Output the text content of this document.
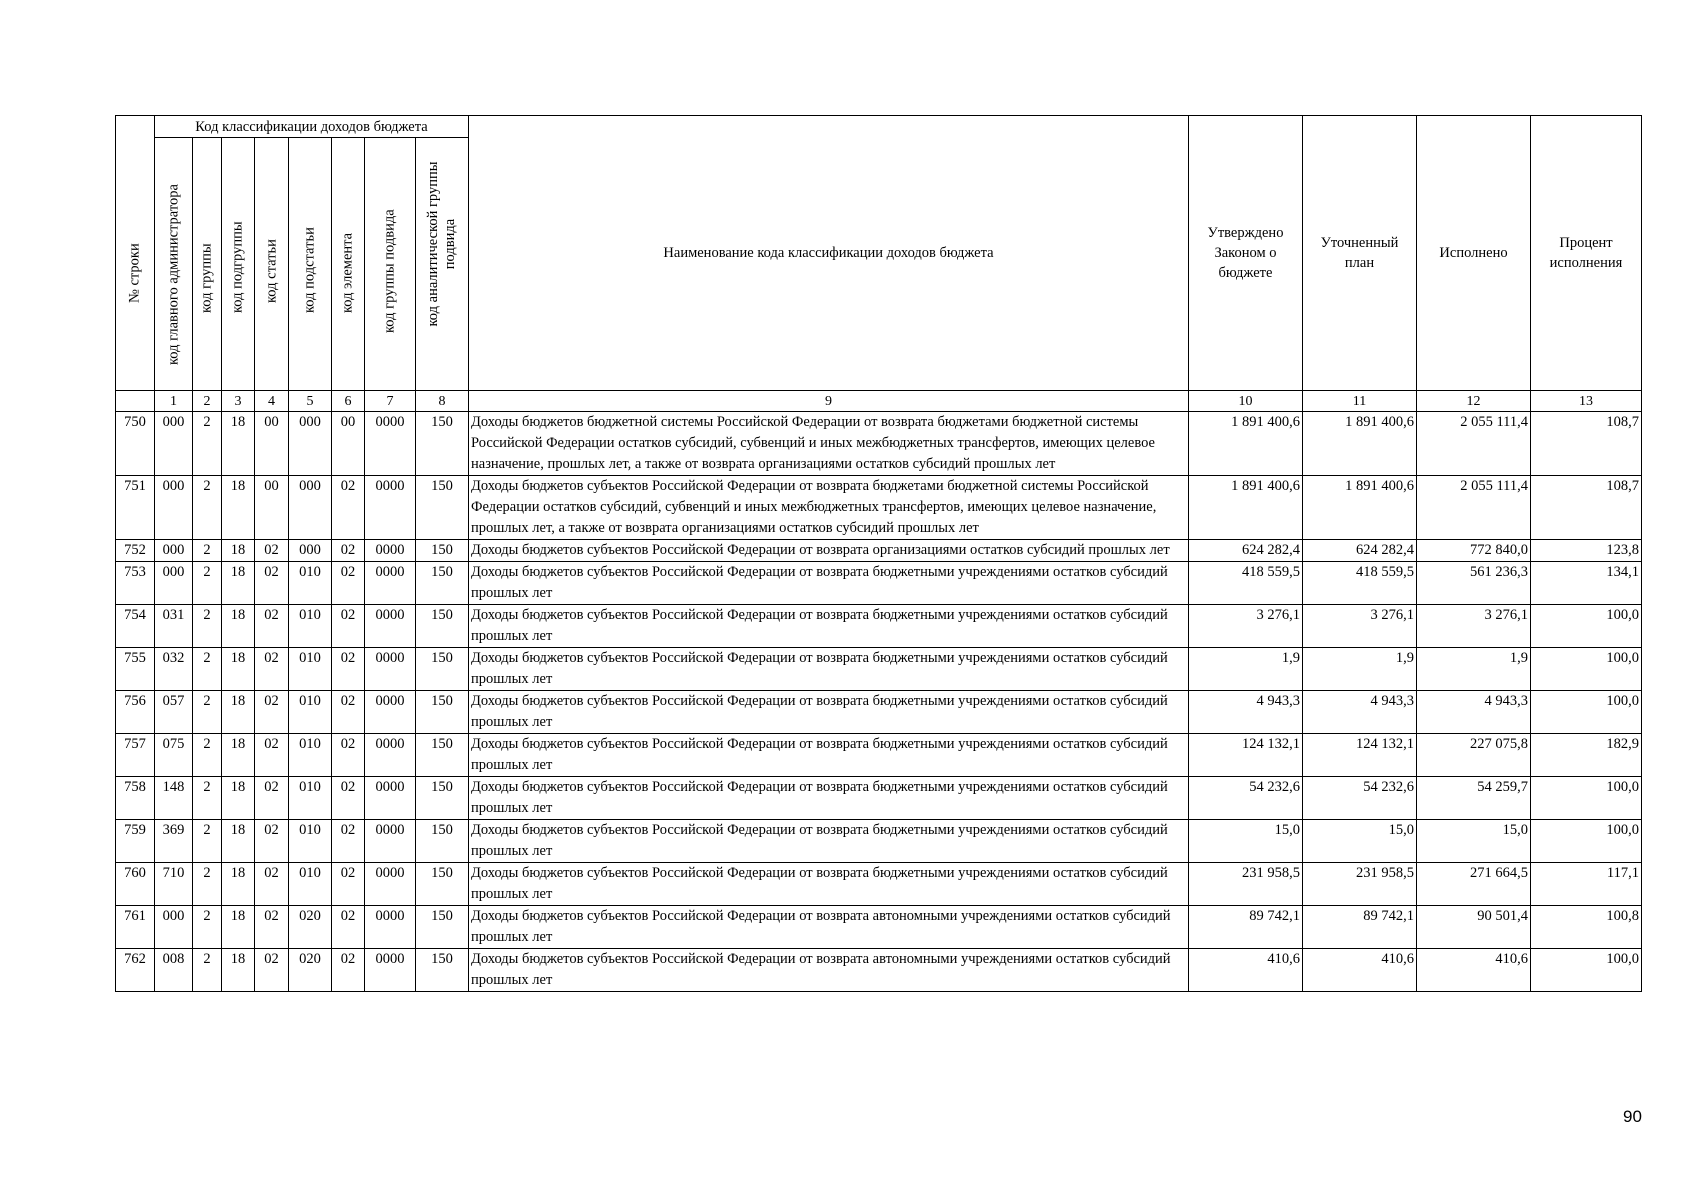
№ строки	Код классификации доходов бюджета								Наименование кода классификации доходов бюджета	Утверждено Законом о бюджете	Уточненный план	Исполнено	Процент исполнения

	код главного администратора	код группы	код подгруппы	код статьи	код подстатьи	код элемента	код группы подвида	код аналитической группы подвида					

	1	2	3	4	5	6	7	8	9	10	11	12	13
750	000	2	18	00	000	00	0000	150	Доходы бюджетов бюджетной системы Российской Федерации от возврата бюджетами бюджетной системы Российской Федерации остатков субсидий, субвенций и иных межбюджетных трансфертов, имеющих целевое назначение, прошлых лет, а также от возврата организациями остатков субсидий прошлых лет	1 891 400,6	1 891 400,6	2 055 111,4	108,7
751	000	2	18	00	000	02	0000	150	Доходы бюджетов субъектов Российской Федерации от возврата бюджетами бюджетной системы Российской Федерации остатков субсидий, субвенций и иных межбюджетных трансфертов, имеющих целевое назначение, прошлых лет, а также от возврата организациями остатков субсидий прошлых лет	1 891 400,6	1 891 400,6	2 055 111,4	108,7
752	000	2	18	02	000	02	0000	150	Доходы бюджетов субъектов Российской Федерации от возврата организациями остатков субсидий прошлых лет	624 282,4	624 282,4	772 840,0	123,8
753	000	2	18	02	010	02	0000	150	Доходы бюджетов субъектов Российской Федерации от возврата бюджетными учреждениями остатков субсидий прошлых лет	418 559,5	418 559,5	561 236,3	134,1
754	031	2	18	02	010	02	0000	150	Доходы бюджетов субъектов Российской Федерации от возврата бюджетными учреждениями остатков субсидий прошлых лет	3 276,1	3 276,1	3 276,1	100,0
755	032	2	18	02	010	02	0000	150	Доходы бюджетов субъектов Российской Федерации от возврата бюджетными учреждениями остатков субсидий прошлых лет	1,9	1,9	1,9	100,0
756	057	2	18	02	010	02	0000	150	Доходы бюджетов субъектов Российской Федерации от возврата бюджетными учреждениями остатков субсидий прошлых лет	4 943,3	4 943,3	4 943,3	100,0
757	075	2	18	02	010	02	0000	150	Доходы бюджетов субъектов Российской Федерации от возврата бюджетными учреждениями остатков субсидий прошлых лет	124 132,1	124 132,1	227 075,8	182,9
758	148	2	18	02	010	02	0000	150	Доходы бюджетов субъектов Российской Федерации от возврата бюджетными учреждениями остатков субсидий прошлых лет	54 232,6	54 232,6	54 259,7	100,0
759	369	2	18	02	010	02	0000	150	Доходы бюджетов субъектов Российской Федерации от возврата бюджетными учреждениями остатков субсидий прошлых лет	15,0	15,0	15,0	100,0
760	710	2	18	02	010	02	0000	150	Доходы бюджетов субъектов Российской Федерации от возврата бюджетными учреждениями остатков субсидий прошлых лет	231 958,5	231 958,5	271 664,5	117,1
761	000	2	18	02	020	02	0000	150	Доходы бюджетов субъектов Российской Федерации от возврата автономными учреждениями остатков субсидий прошлых лет	89 742,1	89 742,1	90 501,4	100,8
762	008	2	18	02	020	02	0000	150	Доходы бюджетов субъектов Российской Федерации от возврата автономными учреждениями остатков субсидий прошлых лет	410,6	410,6	410,6	100,0
90
